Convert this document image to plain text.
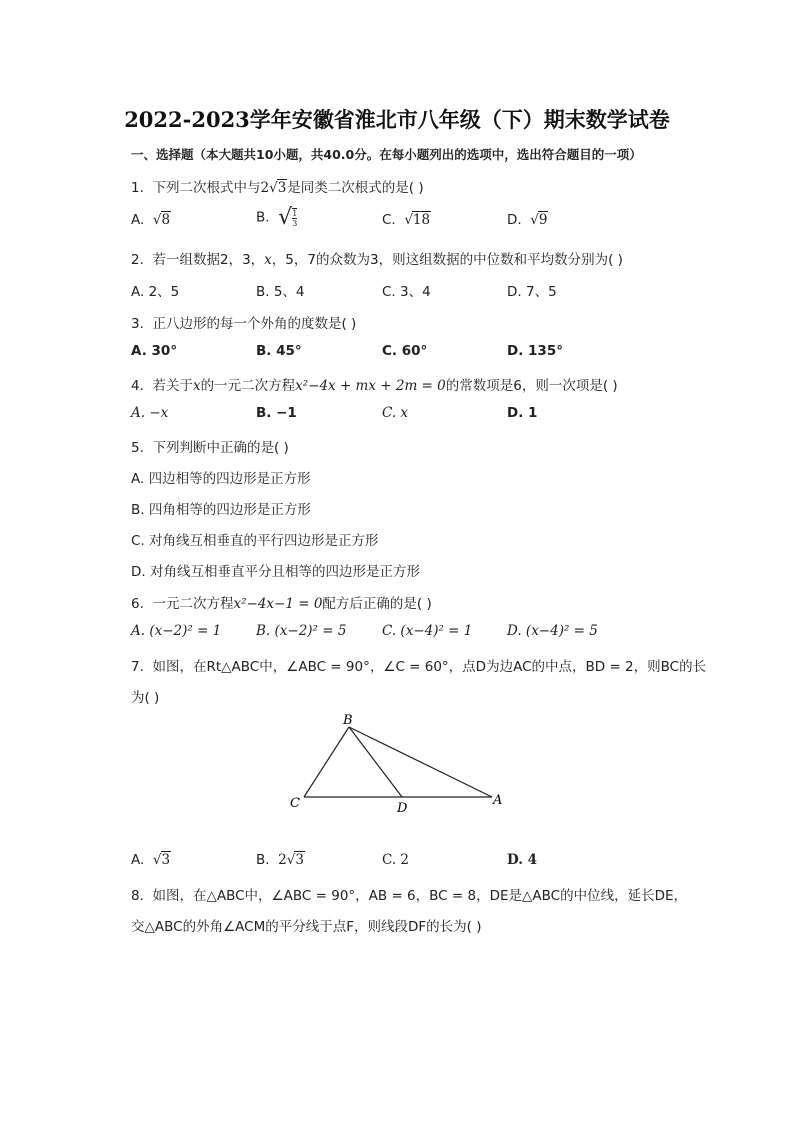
2022-2023学年安徽省淮北市八年级（下）期末数学试卷
一、选择题（本大题共10小题，共40.0分。在每小题列出的选项中，选出符合题目的一项）
1. 下列二次根式中与2√3是同类二次根式的是( )
A. √8	B. √ $\frac{1}{3}$	C. √18	D. √9
2. 若一组数据2，3，x，5，7的众数为3，则这组数据的中位数和平均数分别为( )
A. 2、5	B. 5、4	C. 3、4	D. 7、5
3. 正八边形的每一个外角的度数是( )
A. 30°	B. 45°	C. 60°	D. 135°
4. 若关于x的一元二次方程x²−4x + mx + 2m = 0的常数项是6，则一次项是( )
A. −x	B. −1	C. x	D. 1
5. 下列判断中正确的是( )
A. 四边相等的四边形是正方形
B. 四角相等的四边形是正方形
C. 对角线互相垂直的平行四边形是正方形
D. 对角线互相垂直平分且相等的四边形是正方形
6. 一元二次方程x²−4x−1 = 0配方后正确的是( )
A. (x−2)² = 1	B. (x−2)² = 5	C. (x−4)² = 1	D. (x−4)² = 5
7. 如图，在Rt△ABC中，∠ABC = 90°，∠C = 60°，点D为边AC的中点，BD = 2，则BC的长
为( )
B
C	D
A
A. √3	B. 2√3	C. 2	D. 4
8. 如图，在△ABC中，∠ABC = 90°，AB = 6，BC = 8，DE是△ABC的中位线，延长DE，
交△ABC的外角∠ACM的平分线于点F，则线段DF的长为( )
